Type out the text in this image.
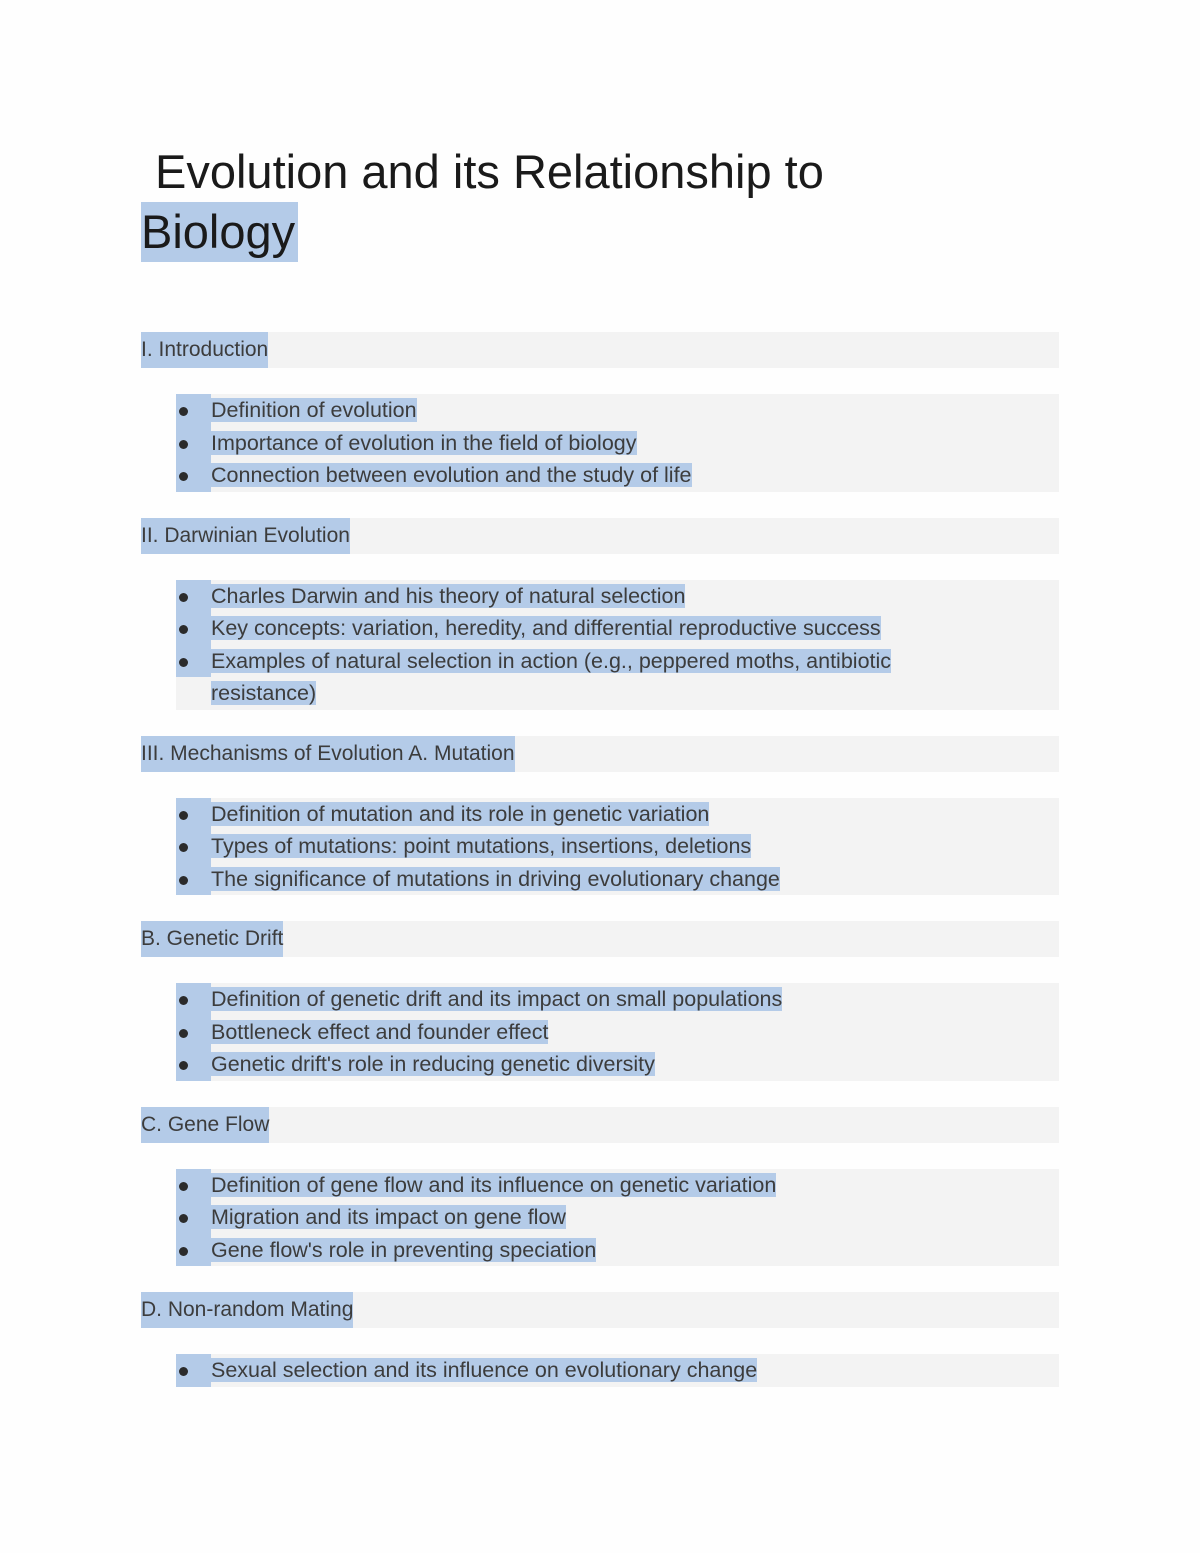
Evolution and its Relationship to
Biology
I. Introduction
Definition of evolution
Importance of evolution in the field of biology
Connection between evolution and the study of life
II. Darwinian Evolution
Charles Darwin and his theory of natural selection
Key concepts: variation, heredity, and differential reproductive success
Examples of natural selection in action (e.g., peppered moths, antibiotic
resistance)
III. Mechanisms of Evolution A. Mutation
Definition of mutation and its role in genetic variation
Types of mutations: point mutations, insertions, deletions
The significance of mutations in driving evolutionary change
B. Genetic Drift
Definition of genetic drift and its impact on small populations
Bottleneck effect and founder effect
Genetic drift's role in reducing genetic diversity
C. Gene Flow
Definition of gene flow and its influence on genetic variation
Migration and its impact on gene flow
Gene flow's role in preventing speciation
D. Non-random Mating
Sexual selection and its influence on evolutionary change
